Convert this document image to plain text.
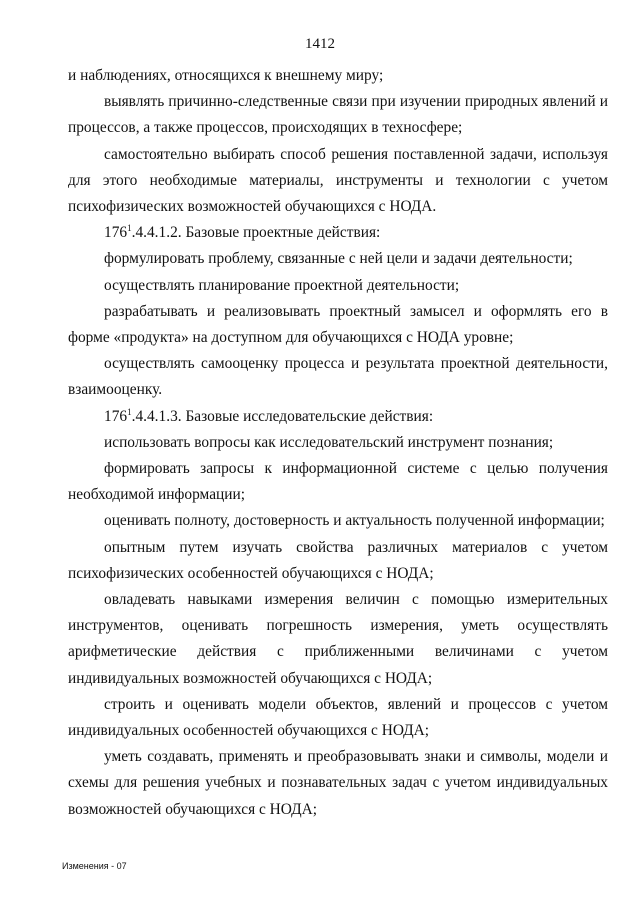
1412

и наблюдениях, относящихся к внешнему миру;

выявлять причинно-следственные связи при изучении природных явлений и процессов, а также процессов, происходящих в техносфере;

самостоятельно выбирать способ решения поставленной задачи, используя для этого необходимые материалы, инструменты и технологии с учетом психофизических возможностей обучающихся с НОДА.

$176^1.4.4.1.2$. Базовые проектные действия:

формулировать проблему, связанные с ней цели и задачи деятельности;

осуществлять планирование проектной деятельности;

разрабатывать и реализовывать проектный замысел и оформлять его в форме «продукта» на доступном для обучающихся с НОДА уровне;

осуществлять самооценку процесса и результата проектной деятельности, взаимооценку.

$176^1.4.4.1.3$. Базовые исследовательские действия:

использовать вопросы как исследовательский инструмент познания;

формировать запросы к информационной системе с целью получения необходимой информации;

оценивать полноту, достоверность и актуальность полученной информации;

опытным путем изучать свойства различных материалов с учетом психофизических особенностей обучающихся с НОДА;

овладевать навыками измерения величин с помощью измерительных инструментов, оценивать погрешность измерения, уметь осуществлять арифметические действия с приближенными величинами с учетом индивидуальных возможностей обучающихся с НОДА;

строить и оценивать модели объектов, явлений и процессов с учетом индивидуальных особенностей обучающихся с НОДА;

уметь создавать, применять и преобразовывать знаки и символы, модели и схемы для решения учебных и познавательных задач с учетом индивидуальных возможностей обучающихся с НОДА;

Изменения - 07
